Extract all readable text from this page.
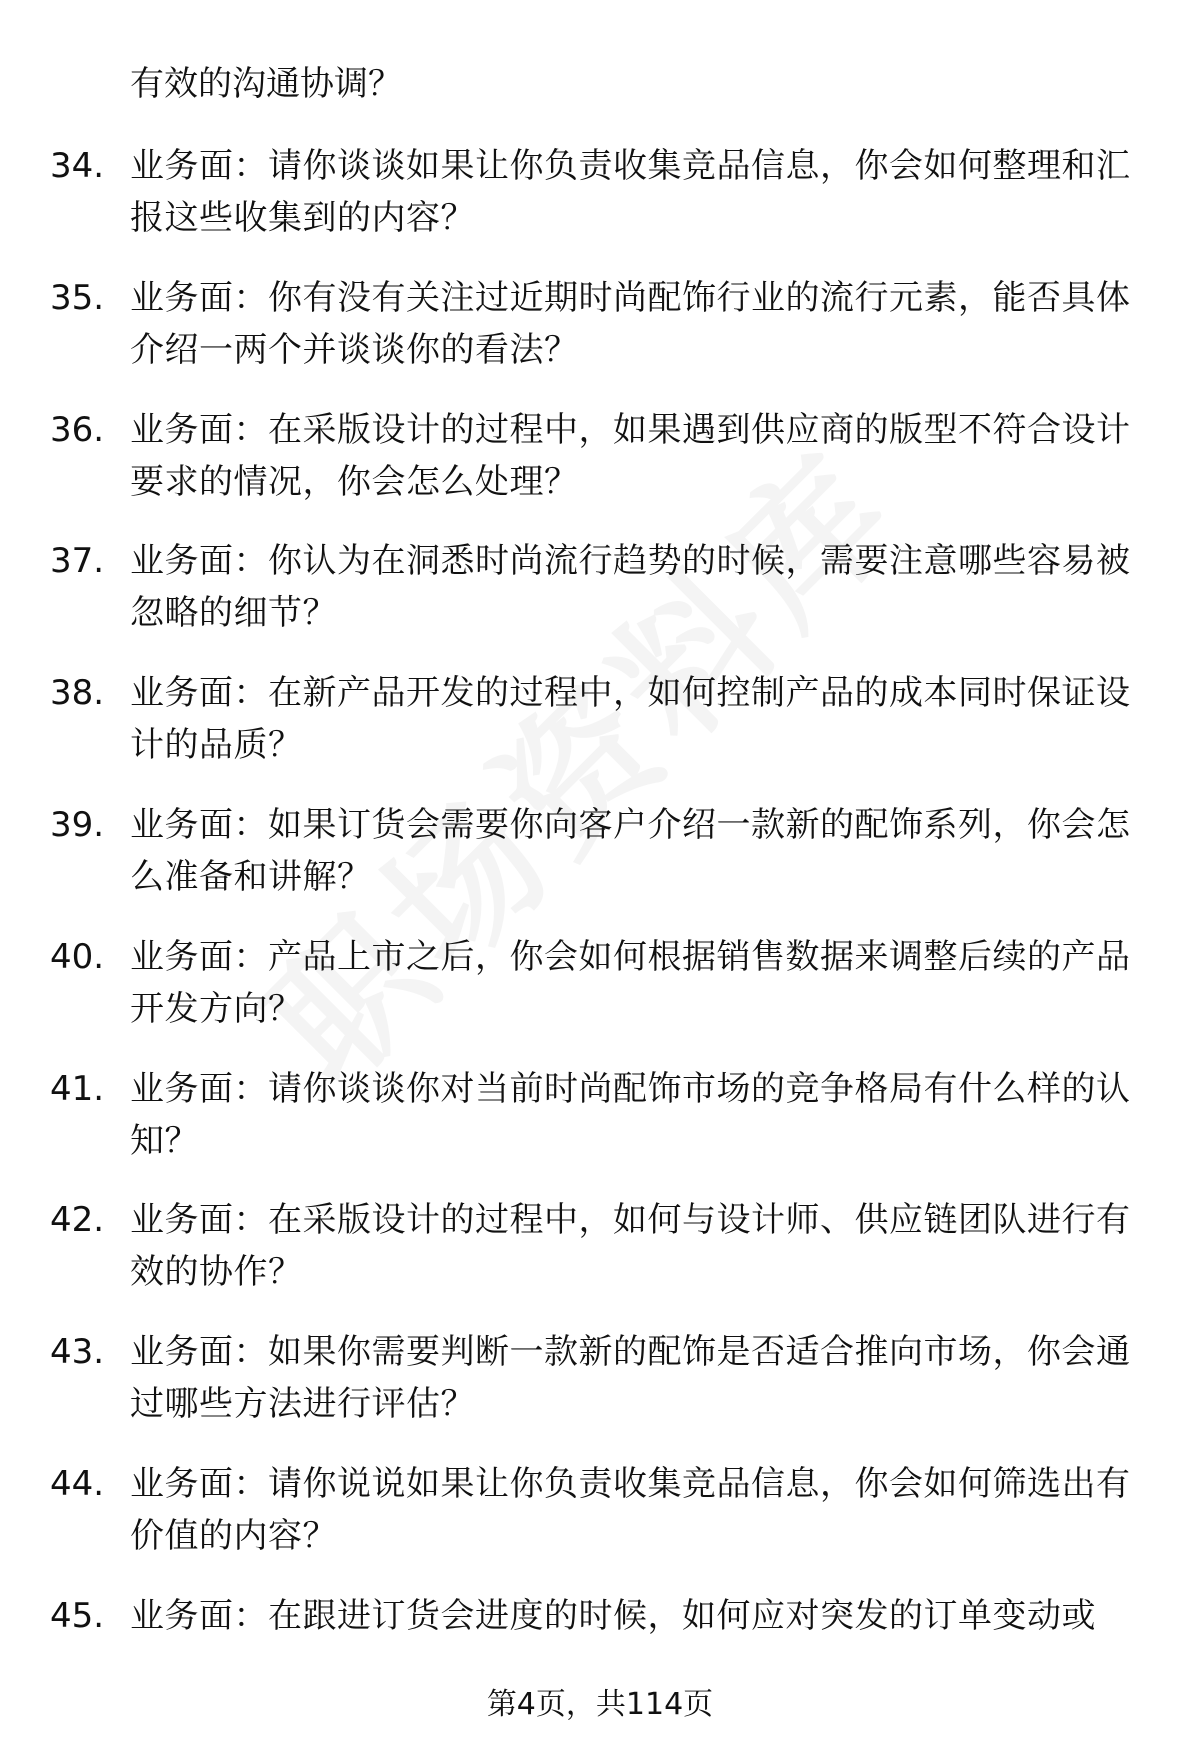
有效的沟通协调？
34. 业务面：请你谈谈如果让你负责收集竞品信息，你会如何整理和汇报这些收集到的内容？
35. 业务面：你有没有关注过近期时尚配饰行业的流行元素，能否具体介绍一两个并谈谈你的看法？
36. 业务面：在采版设计的过程中，如果遇到供应商的版型不符合设计要求的情况，你会怎么处理？
37. 业务面：你认为在洞悉时尚流行趋势的时候，需要注意哪些容易被忽略的细节？
38. 业务面：在新产品开发的过程中，如何控制产品的成本同时保证设计的品质？
39. 业务面：如果订货会需要你向客户介绍一款新的配饰系列，你会怎么准备和讲解？
40. 业务面：产品上市之后，你会如何根据销售数据来调整后续的产品开发方向？
41. 业务面：请你谈谈你对当前时尚配饰市场的竞争格局有什么样的认知？
42. 业务面：在采版设计的过程中，如何与设计师、供应链团队进行有效的协作？
43. 业务面：如果你需要判断一款新的配饰是否适合推向市场，你会通过哪些方法进行评估？
44. 业务面：请你说说如果让你负责收集竞品信息，你会如何筛选出有价值的内容？
45. 业务面：在跟进订货会进度的时候，如何应对突发的订单变动或
第4页，共114页
